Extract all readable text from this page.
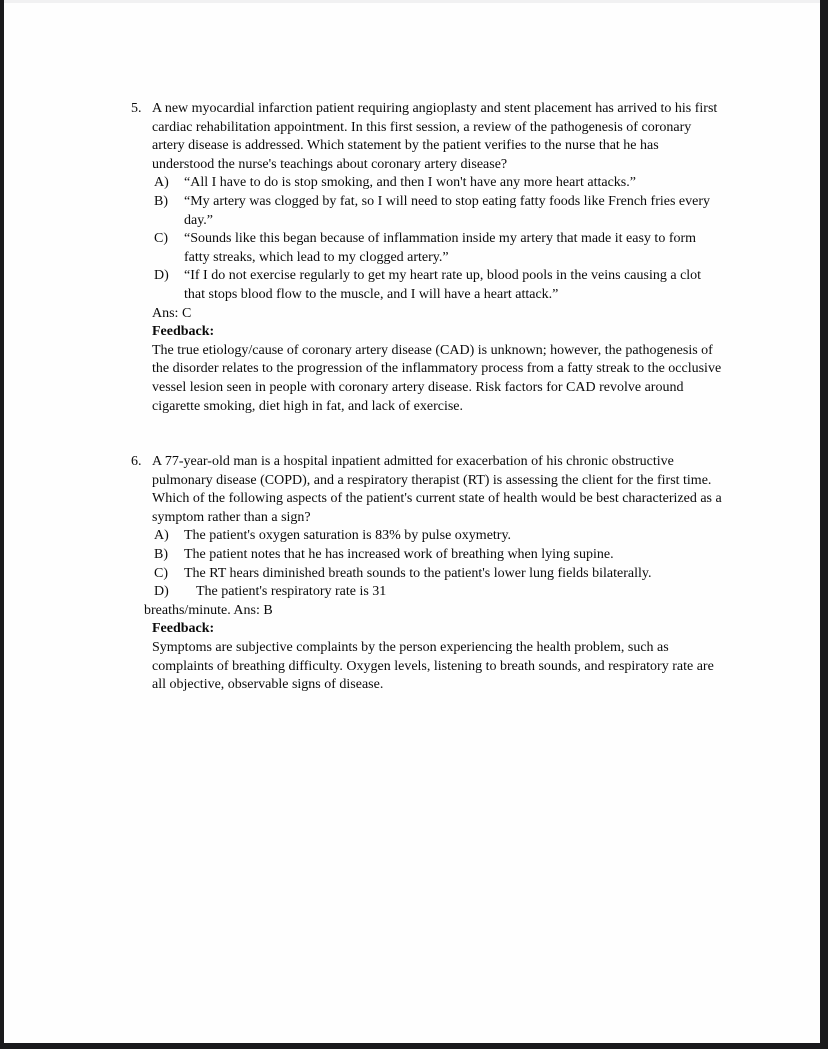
5. A new myocardial infarction patient requiring angioplasty and stent placement has arrived to his first cardiac rehabilitation appointment. In this first session, a review of the pathogenesis of coronary artery disease is addressed. Which statement by the patient verifies to the nurse that he has understood the nurse's teachings about coronary artery disease?

A) “All I have to do is stop smoking, and then I won't have any more heart attacks.”
B) “My artery was clogged by fat, so I will need to stop eating fatty foods like French fries every day.”
C) “Sounds like this began because of inflammation inside my artery that made it easy to form fatty streaks, which lead to my clogged artery.”
D) “If I do not exercise regularly to get my heart rate up, blood pools in the veins causing a clot that stops blood flow to the muscle, and I will have a heart attack.”

Ans: C

Feedback:

The true etiology/cause of coronary artery disease (CAD) is unknown; however, the pathogenesis of the disorder relates to the progression of the inflammatory process from a fatty streak to the occlusive vessel lesion seen in people with coronary artery disease. Risk factors for CAD revolve around cigarette smoking, diet high in fat, and lack of exercise.

6. A 77-year-old man is a hospital inpatient admitted for exacerbation of his chronic obstructive pulmonary disease (COPD), and a respiratory therapist (RT) is assessing the client for the first time. Which of the following aspects of the patient's current state of health would be best characterized as a symptom rather than a sign?

A) The patient's oxygen saturation is 83% by pulse oxymetry.
B) The patient notes that he has increased work of breathing when lying supine.
C) The RT hears diminished breath sounds to the patient's lower lung fields bilaterally.
D) The patient's respiratory rate is 31

breaths/minute. Ans: B

Feedback:

Symptoms are subjective complaints by the person experiencing the health problem, such as complaints of breathing difficulty. Oxygen levels, listening to breath sounds, and respiratory rate are all objective, observable signs of disease.
